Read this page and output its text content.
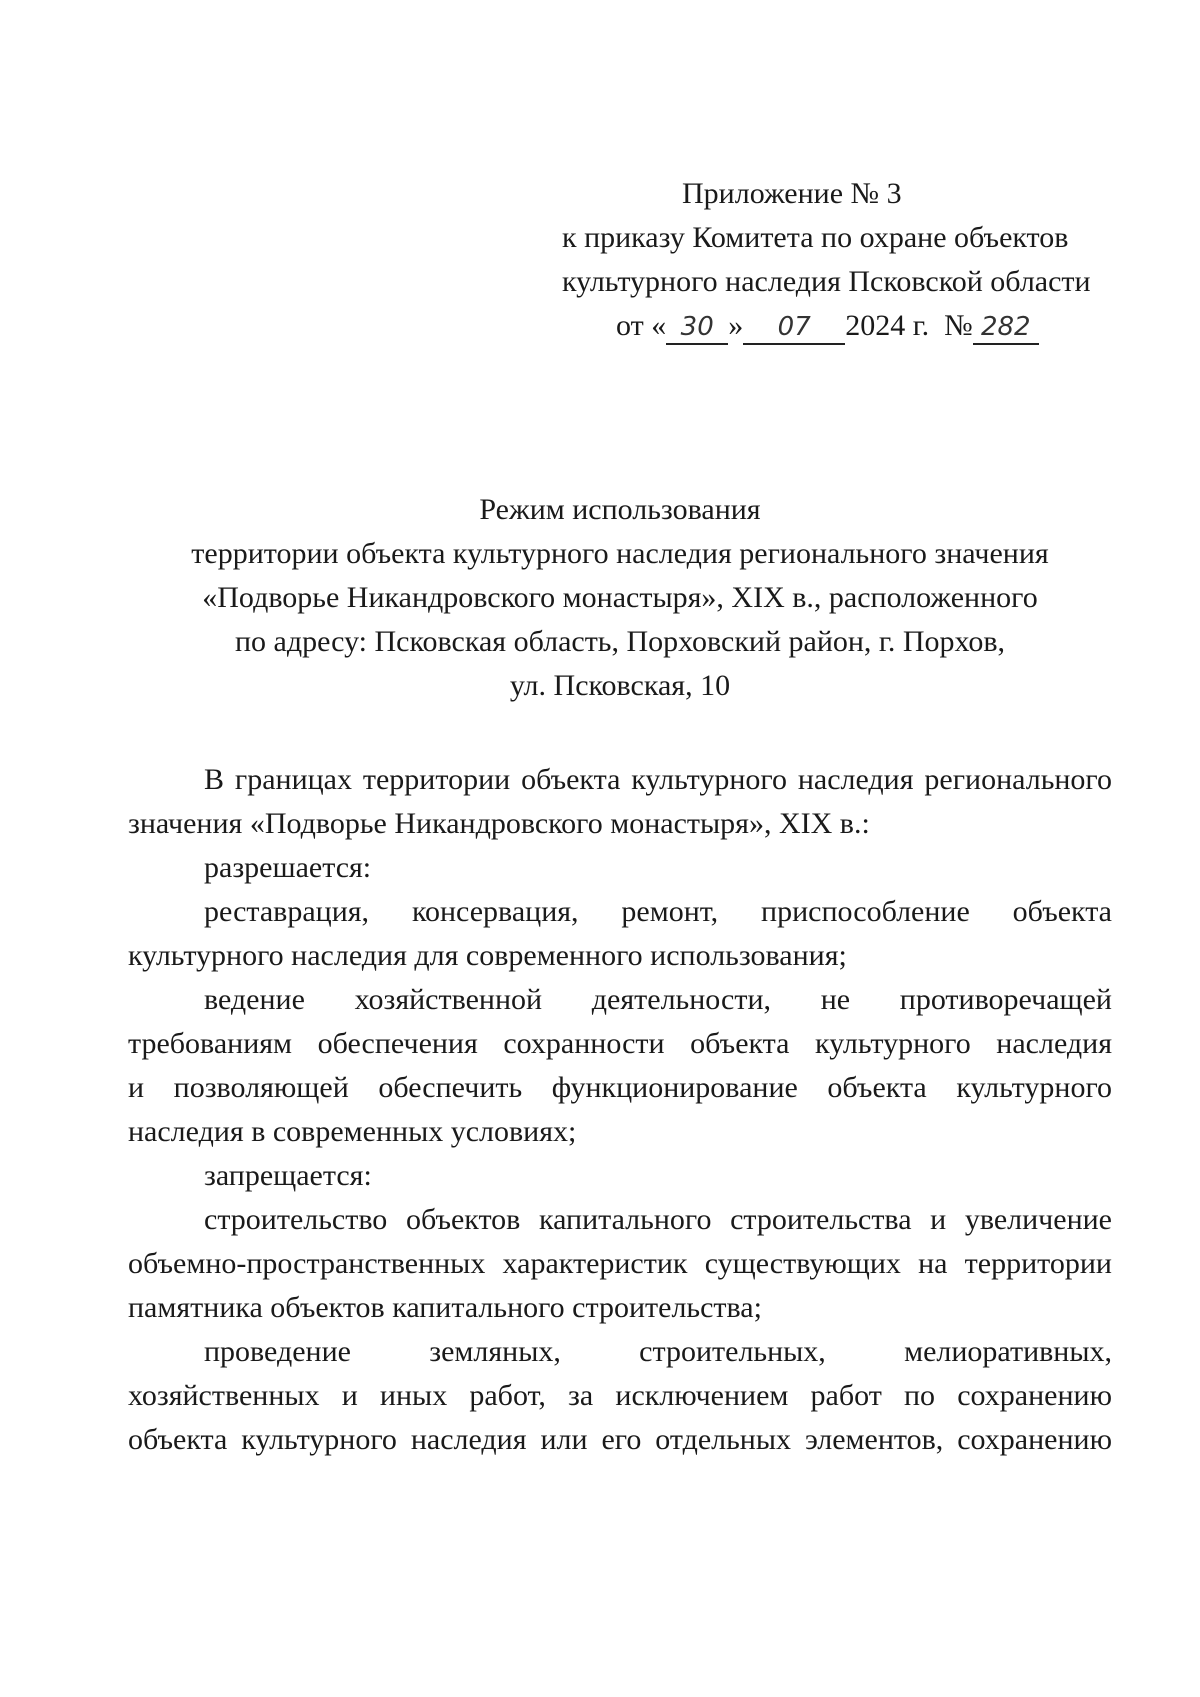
Приложение № 3
к приказу Комитета по охране объектов
культурного наследия Псковской области
от « 30 » 07 2024 г. № 282
Режим использования
территории объекта культурного наследия регионального значения
«Подворье Никандровского монастыря», XIX в., расположенного
по адресу: Псковская область, Порховский район, г. Порхов,
ул. Псковская, 10
В границах территории объекта культурного наследия регионального
значения «Подворье Никандровского монастыря», XIX в.:

разрешается:

реставрация, консервация, ремонт, приспособление объекта
культурного наследия для современного использования;
ведение хозяйственной деятельности, не противоречащей
требованиям обеспечения сохранности объекта культурного наследия
и позволяющей обеспечить функционирование объекта культурного
наследия в современных условиях;

запрещается:

строительство объектов капитального строительства и увеличение
объемно-пространственных характеристик существующих на территории
памятника объектов капитального строительства;
проведение земляных, строительных, мелиоративных,
хозяйственных и иных работ, за исключением работ по сохранению
объекта культурного наследия или его отдельных элементов, сохранению
